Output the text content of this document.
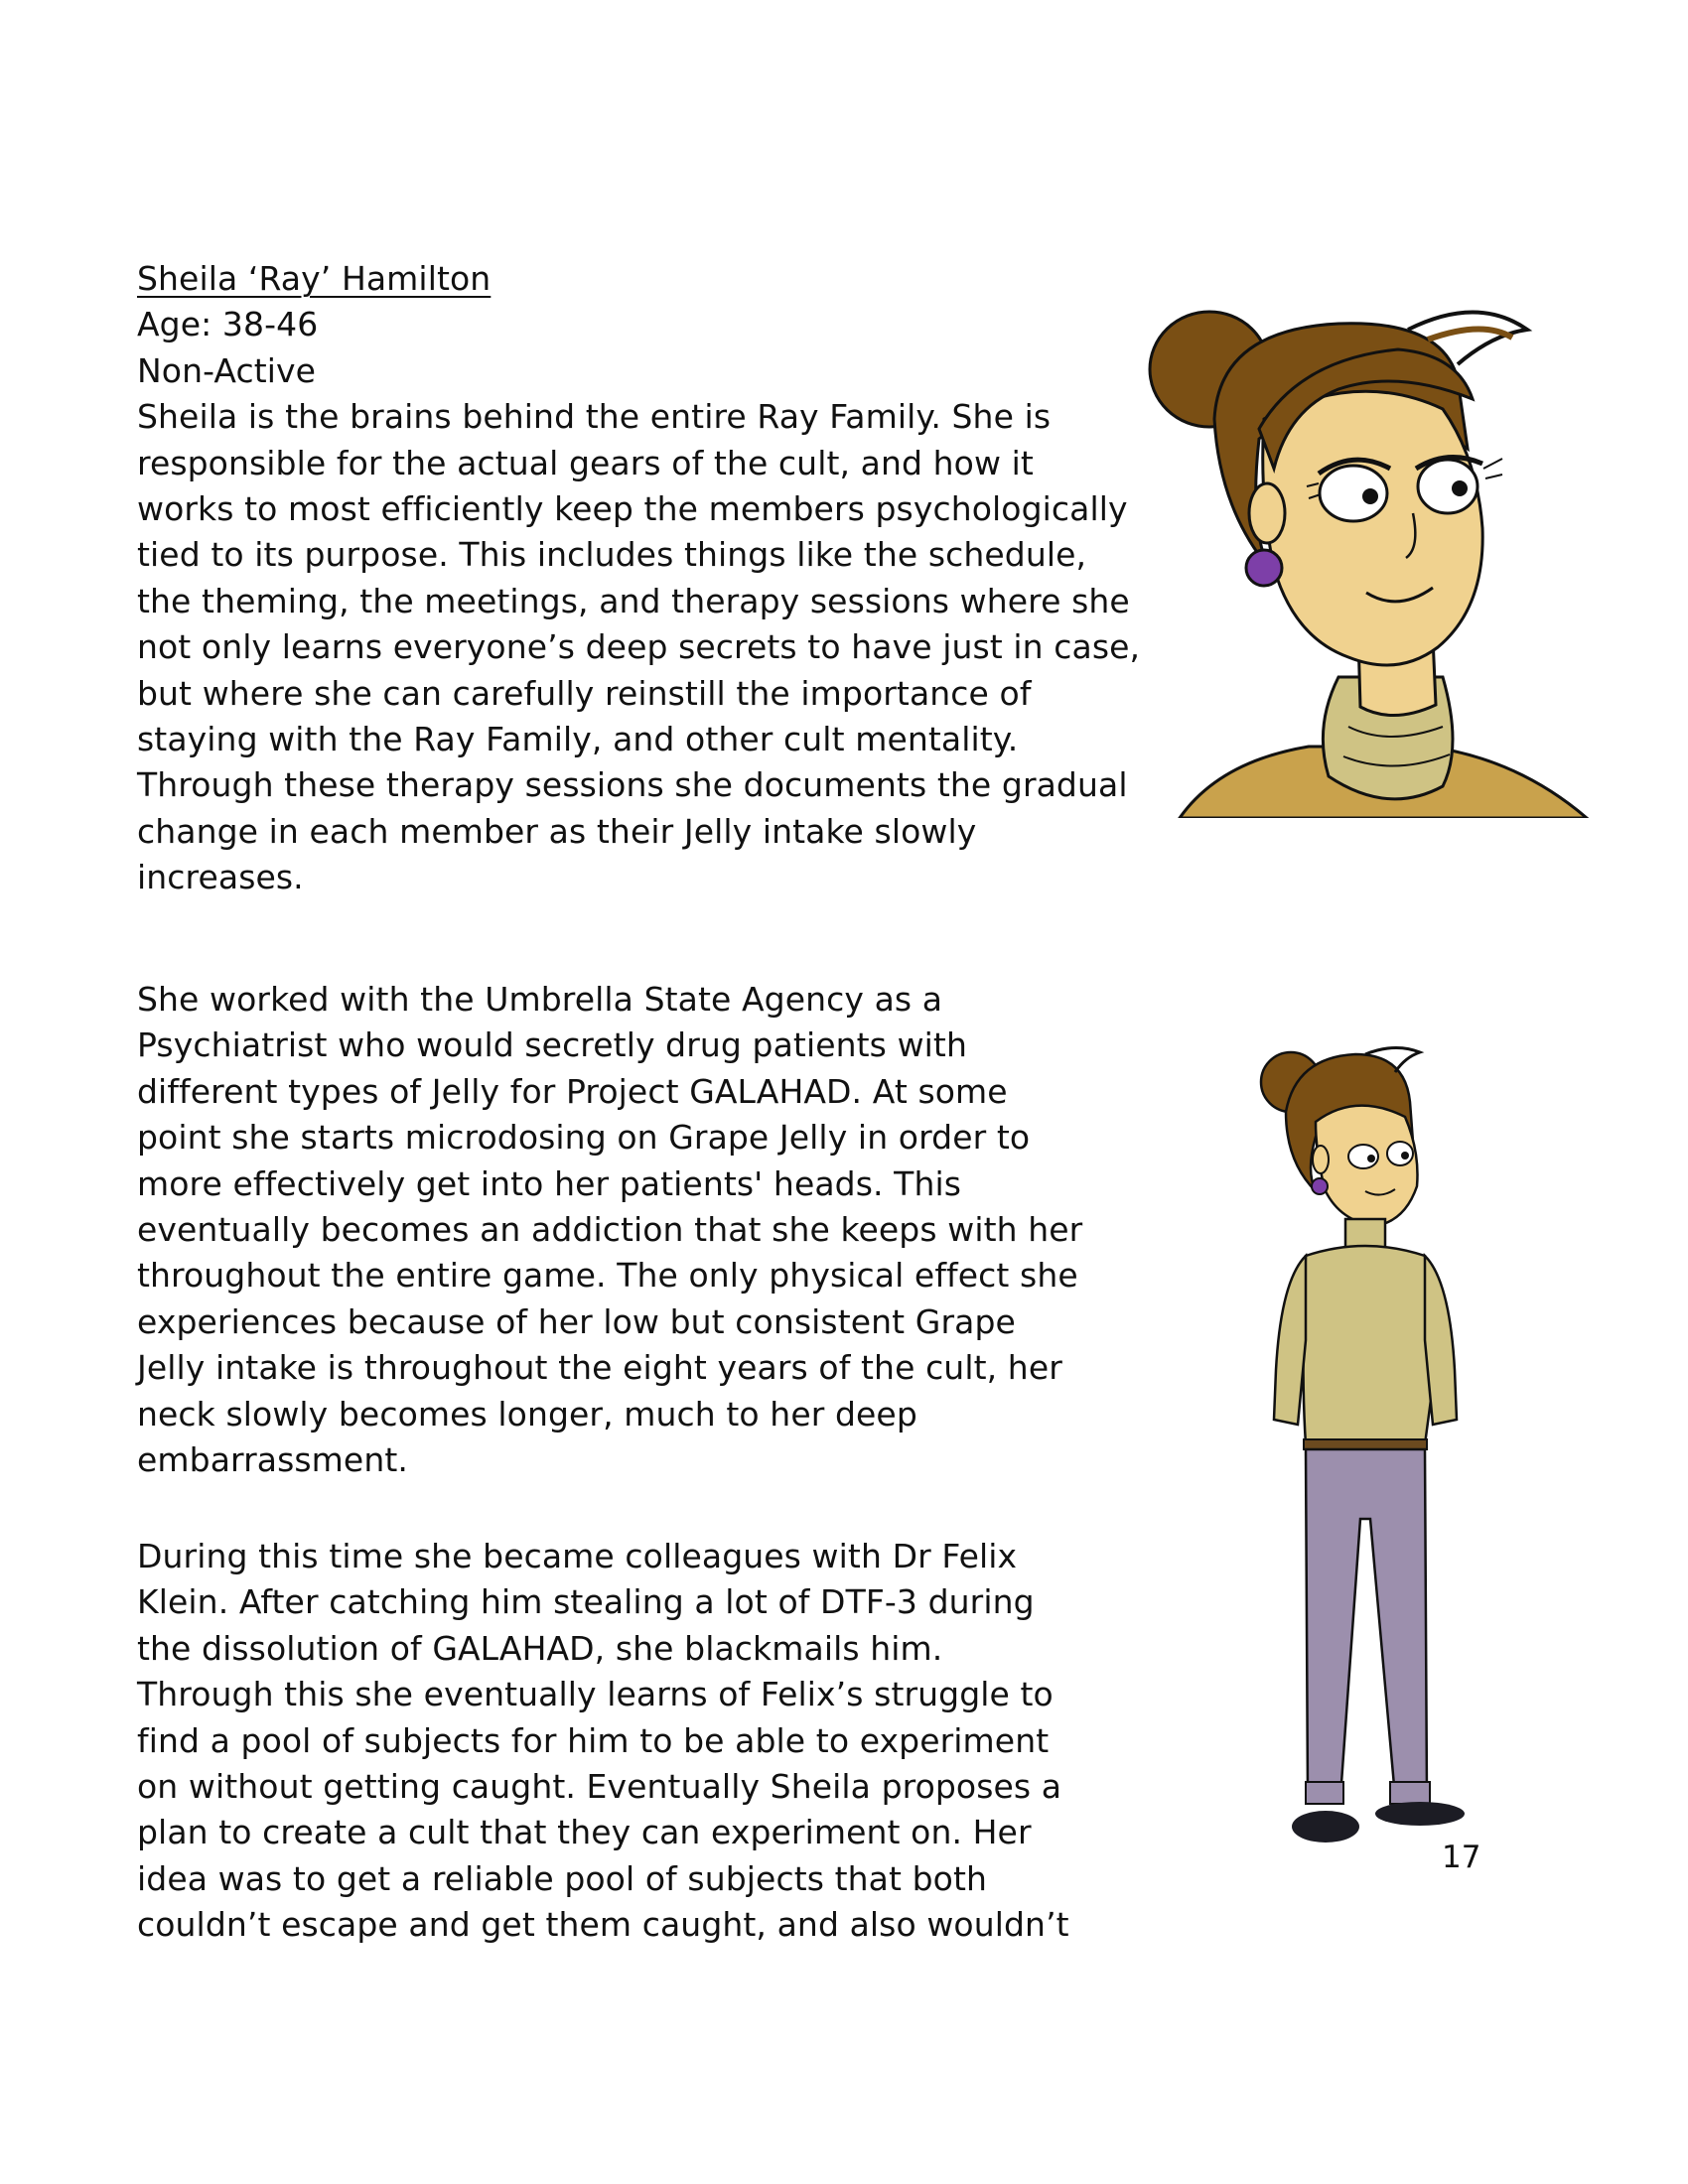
Sheila ‘Ray’ Hamilton
Age: 38-46
Non-Active
Sheila is the brains behind the entire Ray Family. She is
responsible for the actual gears of the cult, and how it
works to most efficiently keep the members psychologically
tied to its purpose. This includes things like the schedule,
the theming, the meetings, and therapy sessions where she
not only learns everyone’s deep secrets to have just in case,
but where she can carefully reinstill the importance of
staying with the Ray Family, and other cult mentality.
Through these therapy sessions she documents the gradual
change in each member as their Jelly intake slowly
increases.
She worked with the Umbrella State Agency as a
Psychiatrist who would secretly drug patients with
different types of Jelly for Project GALAHAD. At some
point she starts microdosing on Grape Jelly in order to
more effectively get into her patients' heads. This
eventually becomes an addiction that she keeps with her
throughout the entire game. The only physical effect she
experiences because of her low but consistent Grape
Jelly intake is throughout the eight years of the cult, her
neck slowly becomes longer, much to her deep
embarrassment.
During this time she became colleagues with Dr Felix
Klein. After catching him stealing a lot of DTF-3 during
the dissolution of GALAHAD, she blackmails him.
Through this she eventually learns of Felix’s struggle to
find a pool of subjects for him to be able to experiment
on without getting caught. Eventually Sheila proposes a
plan to create a cult that they can experiment on. Her
idea was to get a reliable pool of subjects that both
couldn’t escape and get them caught, and also wouldn’t
17
